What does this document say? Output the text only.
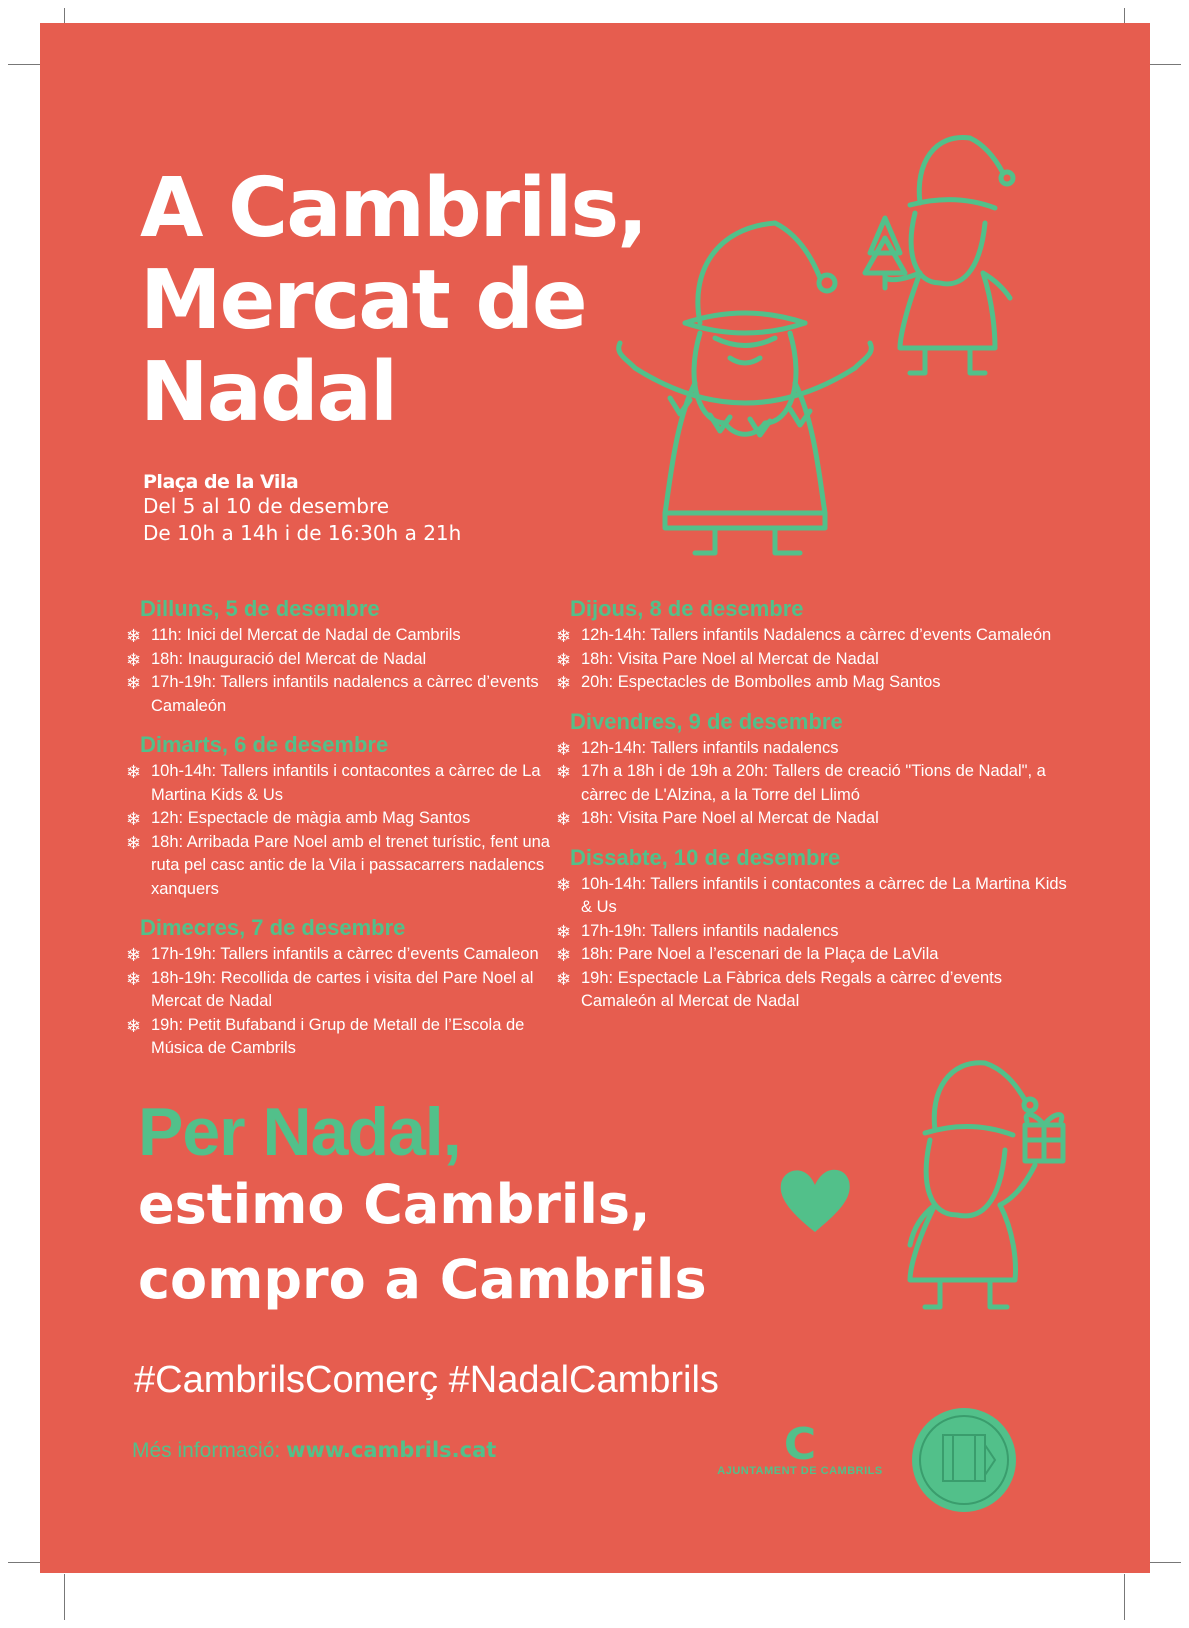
A Cambrils,
Mercat de
Nadal
Plaça de la Vila
Del 5 al 10 de desembre
De 10h a 14h i de 16:30h a 21h
Dilluns, 5 de desembre
❄ 11h: Inici del Mercat de Nadal de Cambrils
❄ 18h: Inauguració del Mercat de Nadal
❄ 17h-19h: Tallers infantils nadalencs a càrrec d’events Camaleón
Dimarts, 6 de desembre
❄ 10h-14h: Tallers infantils i contacontes a càrrec de La Martina Kids & Us
❄ 12h: Espectacle de màgia amb Mag Santos
❄ 18h: Arribada Pare Noel amb el trenet turístic, fent una ruta pel casc antic de la Vila i passacarrers nadalencs xanquers
Dimecres, 7 de desembre
❄ 17h-19h: Tallers infantils a càrrec d’events Camaleon
❄ 18h-19h: Recollida de cartes i visita del Pare Noel al Mercat de Nadal
❄ 19h: Petit Bufaband i Grup de Metall de l’Escola de Música de Cambrils
Dijous, 8 de desembre
❄ 12h-14h: Tallers infantils Nadalencs a càrrec d’events Camaleón
❄ 18h: Visita Pare Noel al Mercat de Nadal
❄ 20h: Espectacles de Bombolles amb Mag Santos
Divendres, 9 de desembre
❄ 12h-14h: Tallers infantils nadalencs
❄ 17h a 18h i de 19h a 20h: Tallers de creació "Tions de Nadal", a càrrec de L'Alzina, a la Torre del Llimó
❄ 18h: Visita Pare Noel al Mercat de Nadal
Dissabte, 10 de desembre
❄ 10h-14h: Tallers infantils i contacontes a càrrec de La Martina Kids & Us
❄ 17h-19h: Tallers infantils nadalencs
❄ 18h: Pare Noel a l’escenari de la Plaça de LaVila
❄ 19h: Espectacle La Fàbrica dels Regals a càrrec d’events Camaleón al Mercat de Nadal
Per Nadal,
estimo Cambrils,
compro a Cambrils
#CambrilsComerç #NadalCambrils
Més informació: www.cambrils.cat	C
AJUNTAMENT DE CAMBRILS
